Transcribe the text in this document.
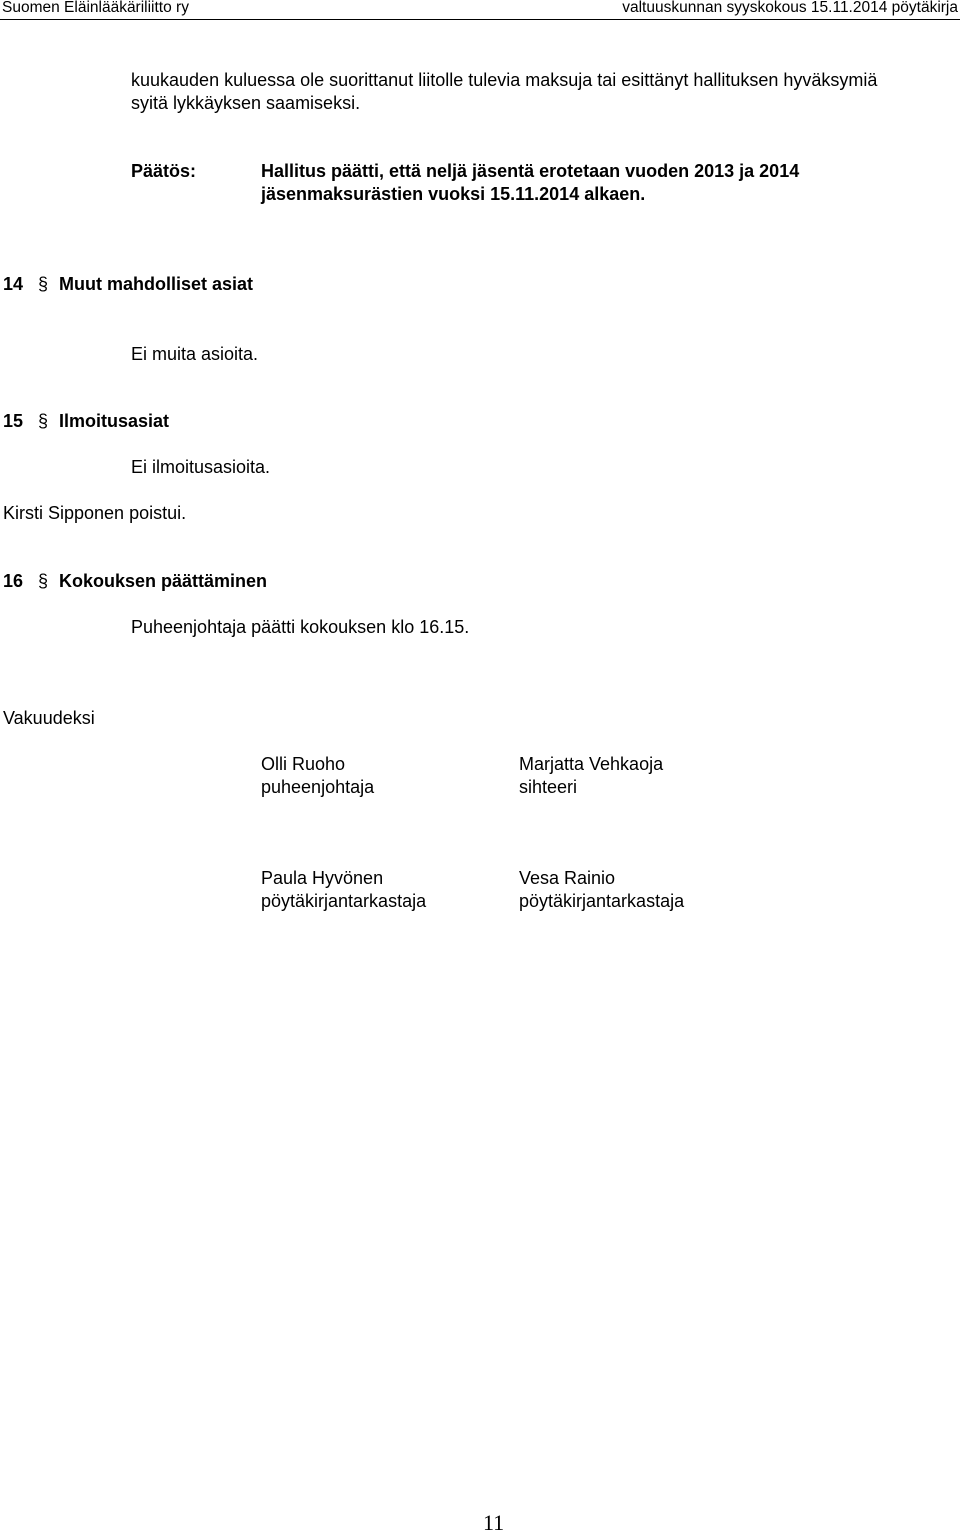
Suomen Eläinlääkäriliitto ry	valtuuskunnan syyskokous 15.11.2014 pöytäkirja
kuukauden kuluessa ole suorittanut liitolle tulevia maksuja tai esittänyt hallituksen hyväksymiä
syitä lykkäyksen saamiseksi.
Päätös:	Hallitus päätti, että neljä jäsentä erotetaan vuoden 2013 ja 2014
jäsenmaksurästien vuoksi 15.11.2014 alkaen.
14 § Muut mahdolliset asiat
Ei muita asioita.
15 § Ilmoitusasiat
Ei ilmoitusasioita.
Kirsti Sipponen poistui.
16 § Kokouksen päättäminen
Puheenjohtaja päätti kokouksen klo 16.15.
Vakuudeksi
Olli Ruoho
puheenjohtaja
Marjatta Vehkaoja
sihteeri
Paula Hyvönen
pöytäkirjantarkastaja
Vesa Rainio
pöytäkirjantarkastaja
11
